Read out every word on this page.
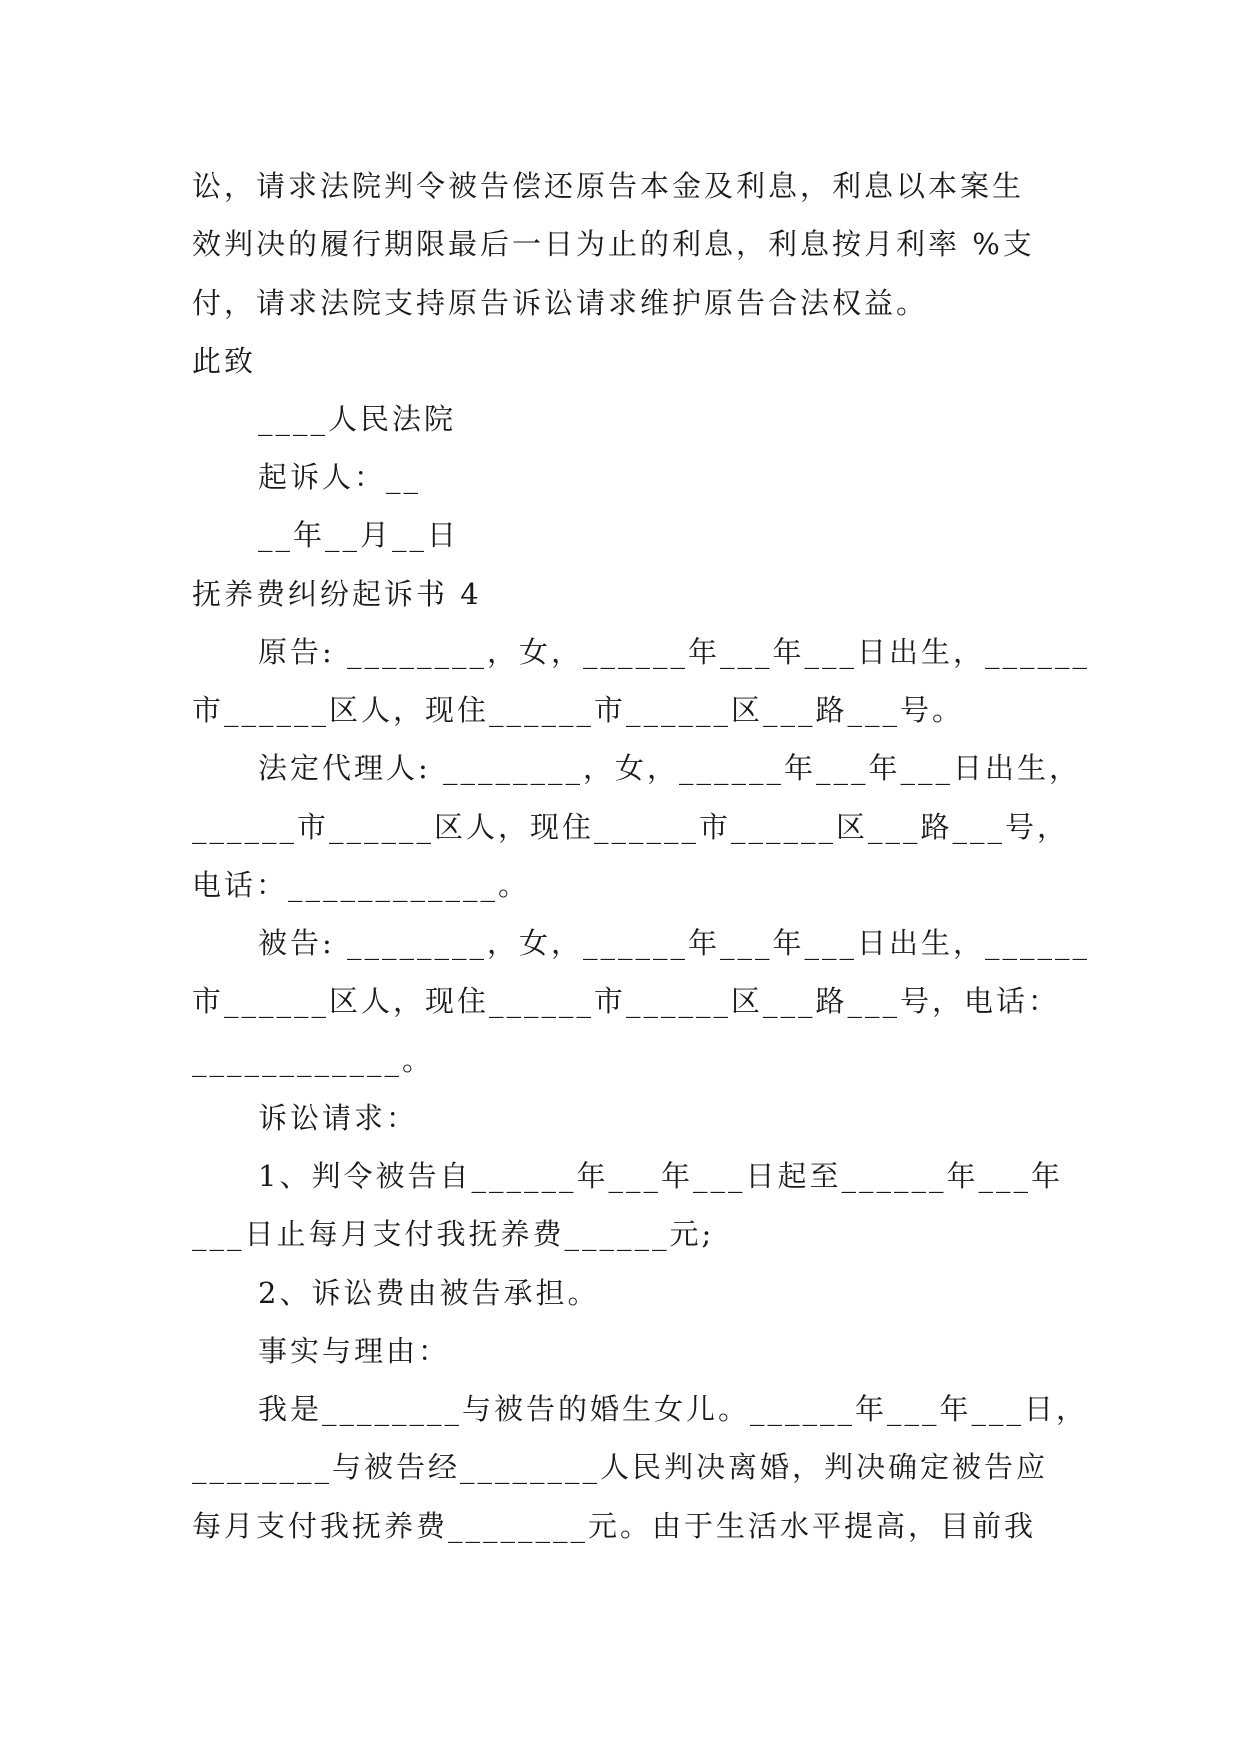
讼，请求法院判令被告偿还原告本金及利息，利息以本案生
效判决的履行期限最后一日为止的利息，利息按月利率 %支
付，请求法院支持原告诉讼请求维护原告合法权益。
此致
____人民法院
起诉人：__
__年__月__日
抚养费纠纷起诉书 4
原告: ________，女，______年___年___日出生，______
市______区人，现住______市______区___路___号。
法定代理人: ________，女，______年___年___日出生，
______市______区人，现住______市______区___路___号，
电话：____________。
被告: ________，女，______年___年___日出生，______
市______区人，现住______市______区___路___号，电话：
____________。
诉讼请求：
1、判令被告自______年___年___日起至______年___年
___日止每月支付我抚养费______元;
2、诉讼费由被告承担。
事实与理由：
我是________与被告的婚生女儿。______年___年___日，
________与被告经________人民判决离婚，判决确定被告应
每月支付我抚养费________元。由于生活水平提高，目前我
